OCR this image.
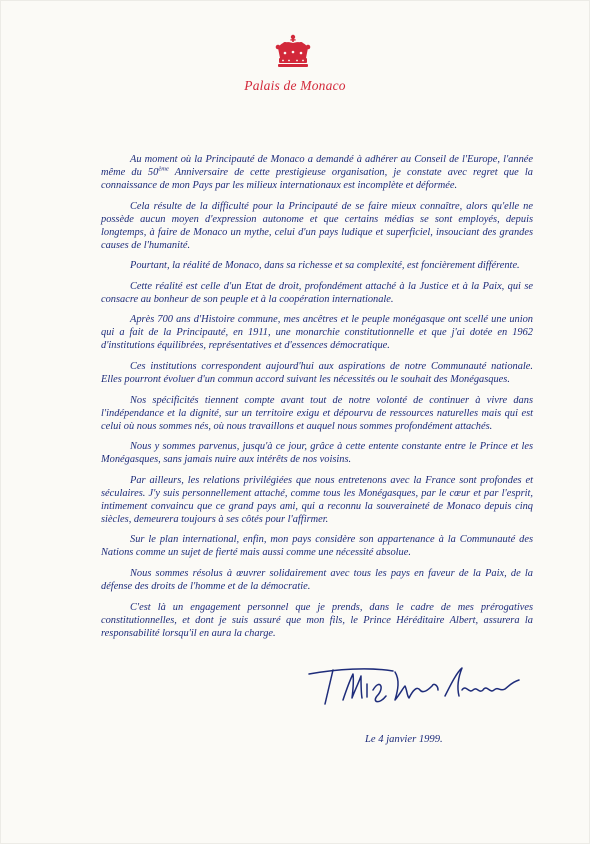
Palais de Monaco

Au moment où la Principauté de Monaco a demandé à adhérer au Conseil de l'Europe, l'année même du 50ème Anniversaire de cette prestigieuse organisation, je constate avec regret que la connaissance de mon Pays par les milieux internationaux est incomplète et déformée.

Cela résulte de la difficulté pour la Principauté de se faire mieux connaître, alors qu'elle ne possède aucun moyen d'expression autonome et que certains médias se sont employés, depuis longtemps, à faire de Monaco un mythe, celui d'un pays ludique et superficiel, insouciant des grandes causes de l'humanité.

Pourtant, la réalité de Monaco, dans sa richesse et sa complexité, est foncièrement différente.

Cette réalité est celle d'un Etat de droit, profondément attaché à la Justice et à la Paix, qui se consacre au bonheur de son peuple et à la coopération internationale.

Après 700 ans d'Histoire commune, mes ancêtres et le peuple monégasque ont scellé une union qui a fait de la Principauté, en 1911, une monarchie constitutionnelle et que j'ai dotée en 1962 d'institutions équilibrées, représentatives et d'essences démocratique.

Ces institutions correspondent aujourd'hui aux aspirations de notre Communauté nationale. Elles pourront évoluer d'un commun accord suivant les nécessités ou le souhait des Monégasques.

Nos spécificités tiennent compte avant tout de notre volonté de continuer à vivre dans l'indépendance et la dignité, sur un territoire exigu et dépourvu de ressources naturelles mais qui est celui où nous sommes nés, où nous travaillons et auquel nous sommes profondément attachés.

Nous y sommes parvenus, jusqu'à ce jour, grâce à cette entente constante entre le Prince et les Monégasques, sans jamais nuire aux intérêts de nos voisins.

Par ailleurs, les relations privilégiées que nous entretenons avec la France sont profondes et séculaires. J'y suis personnellement attaché, comme tous les Monégasques, par le cœur et par l'esprit, intimement convaincu que ce grand pays ami, qui a reconnu la souveraineté de Monaco depuis cinq siècles, demeurera toujours à ses côtés pour l'affirmer.

Sur le plan international, enfin, mon pays considère son appartenance à la Communauté des Nations comme un sujet de fierté mais aussi comme une nécessité absolue.

Nous sommes résolus à œuvrer solidairement avec tous les pays en faveur de la Paix, de la défense des droits de l'homme et de la démocratie.

C'est là un engagement personnel que je prends, dans le cadre de mes prérogatives constitutionnelles, et dont je suis assuré que mon fils, le Prince Héréditaire Albert, assurera la responsabilité lorsqu'il en aura la charge.

Le 4 janvier 1999.
